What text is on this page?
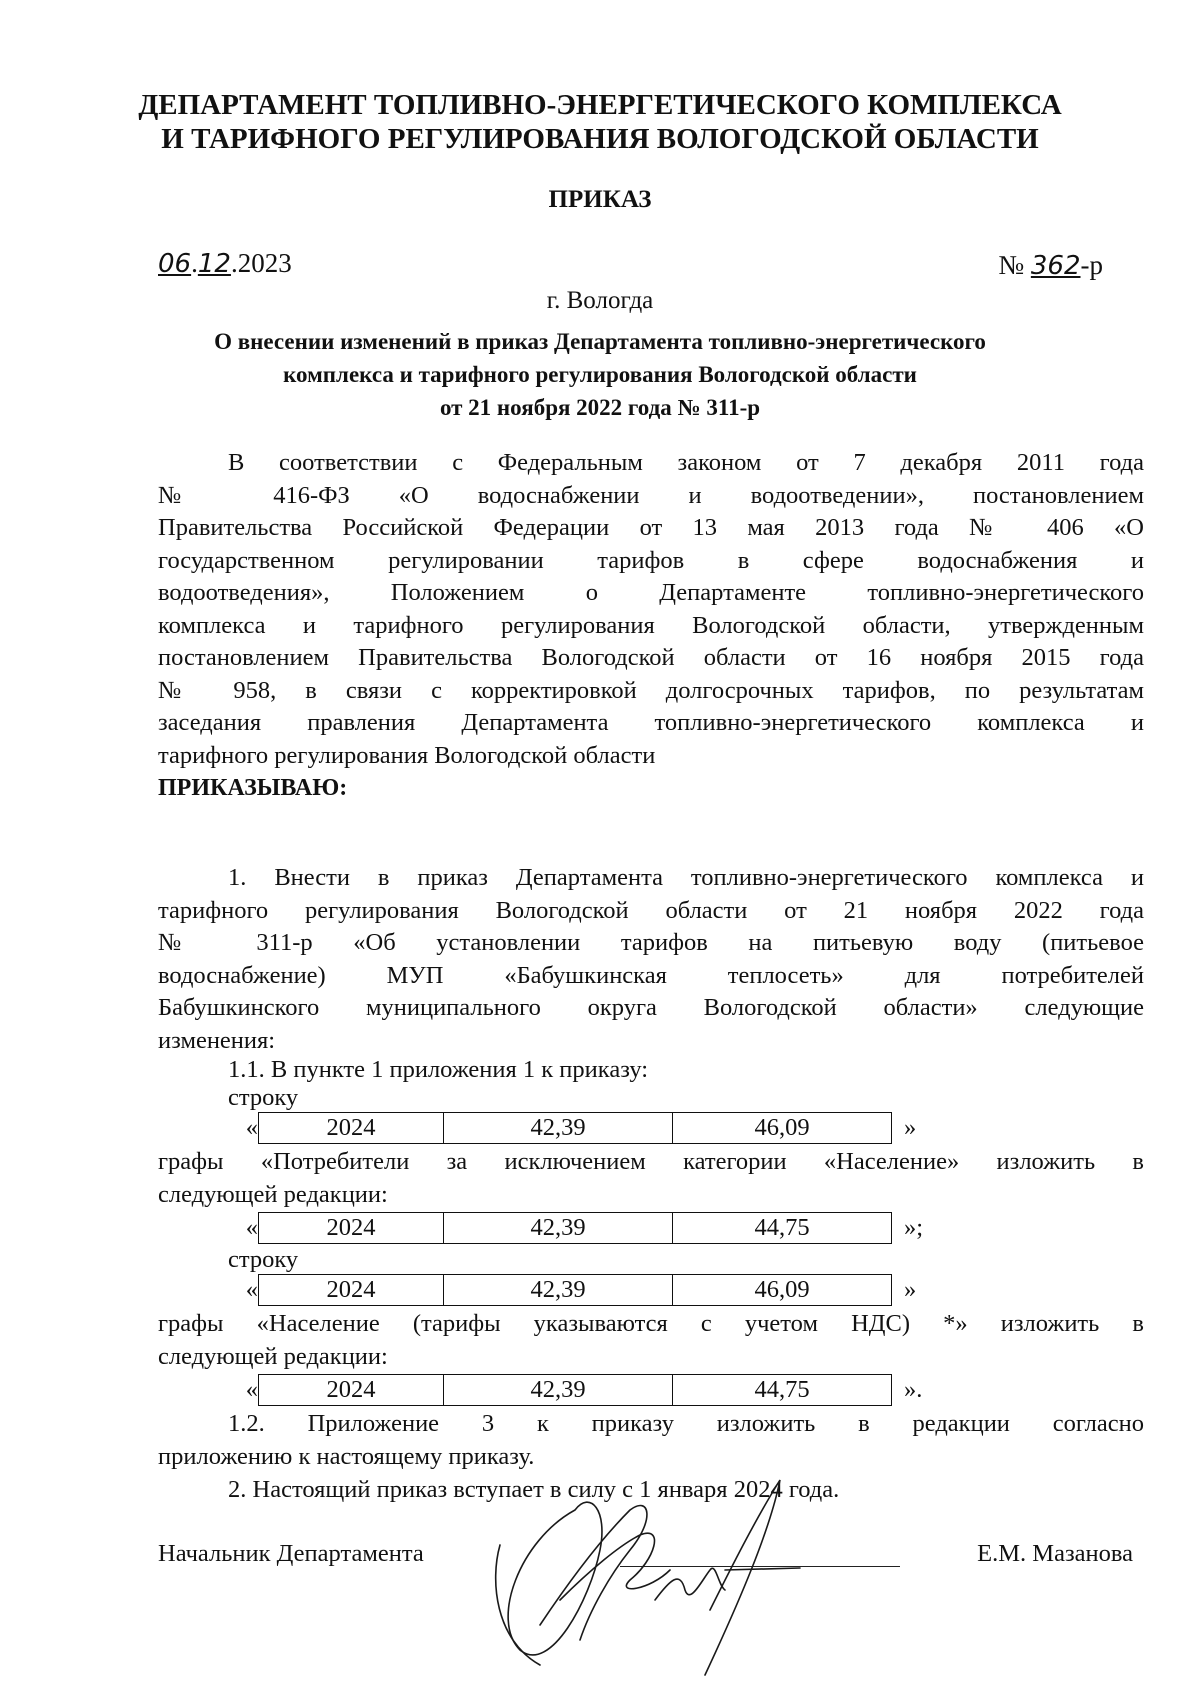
ДЕПАРТАМЕНТ ТОПЛИВНО-ЭНЕРГЕТИЧЕСКОГО КОМПЛЕКСА
И ТАРИФНОГО РЕГУЛИРОВАНИЯ ВОЛОГОДСКОЙ ОБЛАСТИ
ПРИКАЗ
06.12.2023	№ 362-р
г. Вологда
О внесении изменений в приказ Департамента топливно-энергетического
комплекса и тарифного регулирования Вологодской области
от 21 ноября 2022 года № 311-р
В соответствии с Федеральным законом от 7 декабря 2011 года
№ 416-ФЗ «О водоснабжении и водоотведении», постановлением
Правительства Российской Федерации от 13 мая 2013 года № 406 «О
государственном регулировании тарифов в сфере водоснабжения и
водоотведения», Положением о Департаменте топливно-энергетического
комплекса и тарифного регулирования Вологодской области, утвержденным
постановлением Правительства Вологодской области от 16 ноября 2015 года
№ 958, в связи с корректировкой долгосрочных тарифов, по результатам
заседания правления Департамента топливно-энергетического комплекса и
тарифного регулирования Вологодской области
ПРИКАЗЫВАЮ:
1. Внести в приказ Департамента топливно-энергетического комплекса и
тарифного регулирования Вологодской области от 21 ноября 2022 года
№ 311-р «Об установлении тарифов на питьевую воду (питьевое
водоснабжение) МУП «Бабушкинская теплосеть» для потребителей
Бабушкинского муниципального округа Вологодской области» следующие
изменения:
1.1. В пункте 1 приложения 1 к приказу:
строку
«	2024	42,39	46,09	»
графы «Потребители за исключением категории «Население» изложить в
следующей редакции:
«	2024	42,39	44,75	»;
строку
«	2024	42,39	46,09	»
графы «Население (тарифы указываются с учетом НДС) *» изложить в
следующей редакции:
«	2024	42,39	44,75	».
1.2. Приложение 3 к приказу изложить в редакции согласно
приложению к настоящему приказу.
2. Настоящий приказ вступает в силу с 1 января 2024 года.
Начальник Департамента	Е.М. Мазанова
